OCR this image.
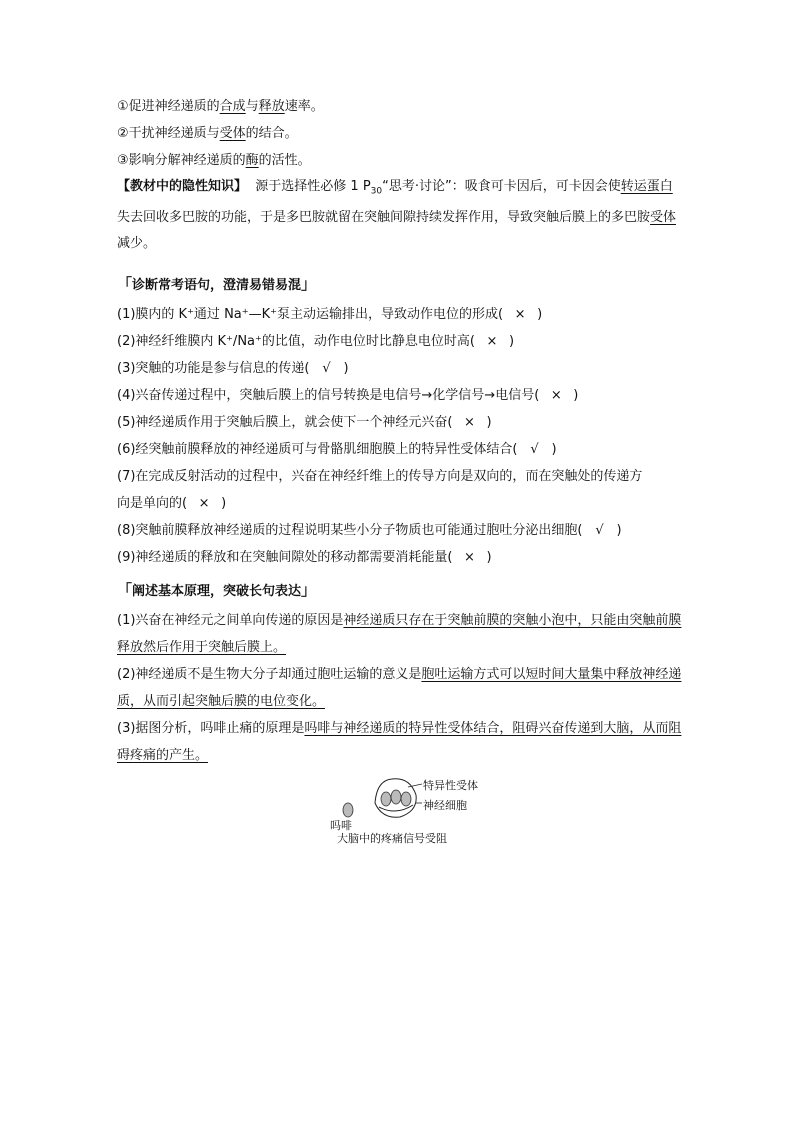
①促进神经递质的合成与释放速率。
②干扰神经递质与受体的结合。
③影响分解神经递质的酶的活性。
【教材中的隐性知识】 源于选择性必修 1 $P_{30}“$思考·讨论”：吸食可卡因后，可卡因会使转运蛋白失去回收多巴胺的功能，于是多巴胺就留在突触间隙持续发挥作用，导致突触后膜上的多巴胺受体减少。
「诊断常考语句，澄清易错易混」
(1)膜内的 K⁺通过 Na⁺—K⁺泵主动运输排出，导致动作电位的形成( × )
(2)神经纤维膜内 K⁺/Na⁺的比值，动作电位时比静息电位时高( × )
(3)突触的功能是参与信息的传递( √ )
(4)兴奋传递过程中，突触后膜上的信号转换是电信号→化学信号→电信号( × )
(5)神经递质作用于突触后膜上，就会使下一个神经元兴奋( × )
(6)经突触前膜释放的神经递质可与骨骼肌细胞膜上的特异性受体结合( √ )
(7)在完成反射活动的过程中，兴奋在神经纤维上的传导方向是双向的，而在突触处的传递方
向是单向的( × )
(8)突触前膜释放神经递质的过程说明某些小分子物质也可能通过胞吐分泌出细胞( √ )
(9)神经递质的释放和在突触间隙处的移动都需要消耗能量( × )
「阐述基本原理，突破长句表达」
(1)兴奋在神经元之间单向传递的原因是神经递质只存在于突触前膜的突触小泡中，只能由突触前膜释放然后作用于突触后膜上。
(2)神经递质不是生物大分子却通过胞吐运输的意义是胞吐运输方式可以短时间大量集中释放神经递质，从而引起突触后膜的电位变化。
(3)据图分析，吗啡止痛的原理是吗啡与神经递质的特异性受体结合，阻碍兴奋传递到大脑，从而阻碍疼痛的产生。
特异性受体
神经细胞
吗啡
大脑中的疼痛信号受阻
